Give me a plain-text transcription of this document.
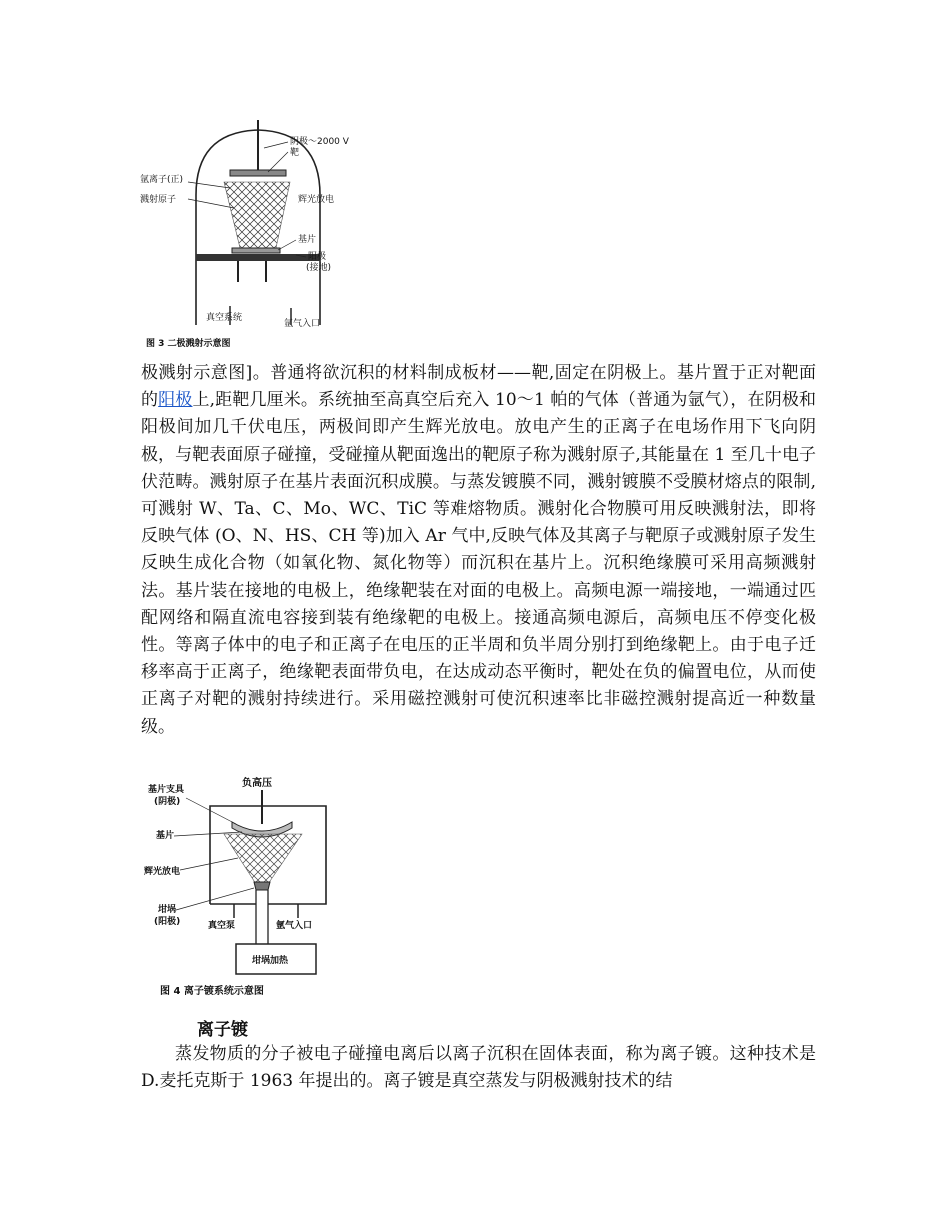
阴极～2000 V
靶
氩离子(正)
溅射原子	辉光放电
基片
阳极
(接地)
真空系统
氩气入口
图 3 二极溅射示意图

极溅射示意图]。普通将欲沉积的材料制成板材——靶,固定在阴极上。基片置于正对靶面的阳极上,距靶几厘米。系统抽至高真空后充入 10～1 帕的气体（普通为氩气），在阴极和阳极间加几千伏电压，两极间即产生辉光放电。放电产生的正离子在电场作用下飞向阴极，与靶表面原子碰撞，受碰撞从靶面逸出的靶原子称为溅射原子,其能量在 1 至几十电子伏范畴。溅射原子在基片表面沉积成膜。与蒸发镀膜不同，溅射镀膜不受膜材熔点的限制,可溅射 W、Ta、C、Mo、WC、TiC 等难熔物质。溅射化合物膜可用反映溅射法，即将反映气体 (O、N、HS、CH 等)加入 Ar 气中,反映气体及其离子与靶原子或溅射原子发生反映生成化合物（如氧化物、氮化物等）而沉积在基片上。沉积绝缘膜可采用高频溅射法。基片装在接地的电极上，绝缘靶装在对面的电极上。高频电源一端接地，一端通过匹配网络和隔直流电容接到装有绝缘靶的电极上。接通高频电源后，高频电压不停变化极性。等离子体中的电子和正离子在电压的正半周和负半周分别打到绝缘靶上。由于电子迁移率高于正离子，绝缘靶表面带负电，在达成动态平衡时，靶处在负的偏置电位，从而使正离子对靶的溅射持续进行。采用磁控溅射可使沉积速率比非磁控溅射提高近一种数量级。

负高压
基片支具
(阴极)
基片
辉光放电
坩埚
(阳极)	真空泵	氩气入口
坩埚加热
图 4 离子镀系统示意图
离子镀

蒸发物质的分子被电子碰撞电离后以离子沉积在固体表面，称为离子镀。这种技术是 D.麦托克斯于 1963 年提出的。离子镀是真空蒸发与阴极溅射技术的结
